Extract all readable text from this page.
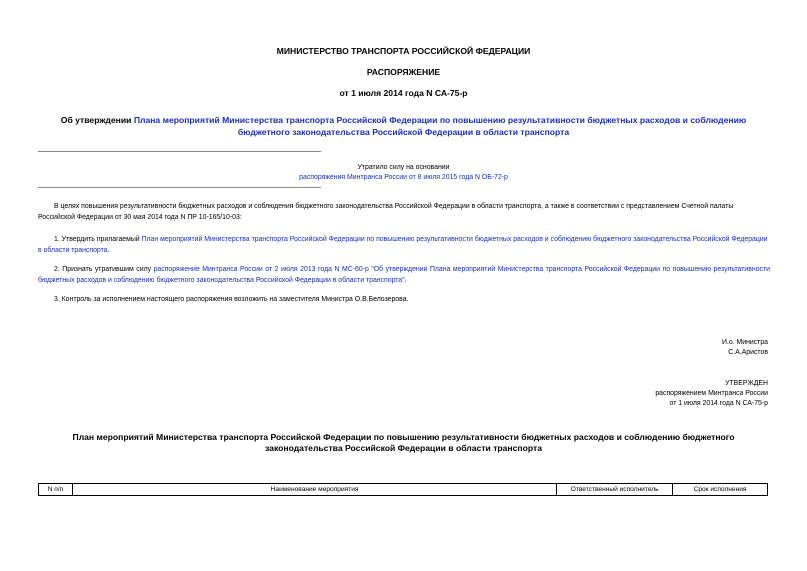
МИНИСТЕРСТВО ТРАНСПОРТА РОССИЙСКОЙ ФЕДЕРАЦИИ
РАСПОРЯЖЕНИЕ
от 1 июля 2014 года N СА-75-р
Об утверждении Плана мероприятий Министерства транспорта Российской Федерации по повышению результативности бюджетных расходов и соблюдению
бюджетного законодательства Российской Федерации в области транспорта
Утратило силу на основании
распоряжения Минтранса России от 8 июля 2015 года N ОБ-72-р
В целях повышения результативности бюджетных расходов и соблюдения бюджетного законодательства Российской Федерации в области транспорта, а также в соответствии с представлением Счетной палаты Российской Федерации от 30 мая 2014 года N ПР 10-165/10-03:
1. Утвердить прилагаемый План мероприятий Министерства транспорта Российской Федерации по повышению результативности бюджетных расходов и соблюдению бюджетного законодательства Российской Федерации в области транспорта.
2. Признать утратившим силу распоряжение Минтранса России от 2 июля 2013 года N МС-60-р "Об утверждении Плана мероприятий Министерства транспорта Российской Федерации по повышению результативности бюджетных расходов и соблюдению бюджетного законодательства Российской Федерации в области транспорта".
3. Контроль за исполнением настоящего распоряжения возложить на заместителя Министра О.В.Белозерова.
И.о. Министра
С.А.Аристов
УТВЕРЖДЕН
распоряжением Минтранса России
от 1 июля 2014 года N СА-75-р
План мероприятий Министерства транспорта Российской Федерации по повышению результативности бюджетных расходов и соблюдению бюджетного
законодательства Российской Федерации в области транспорта
N п/п	Наименование мероприятия	Ответственный исполнитель	Срок исполнения
